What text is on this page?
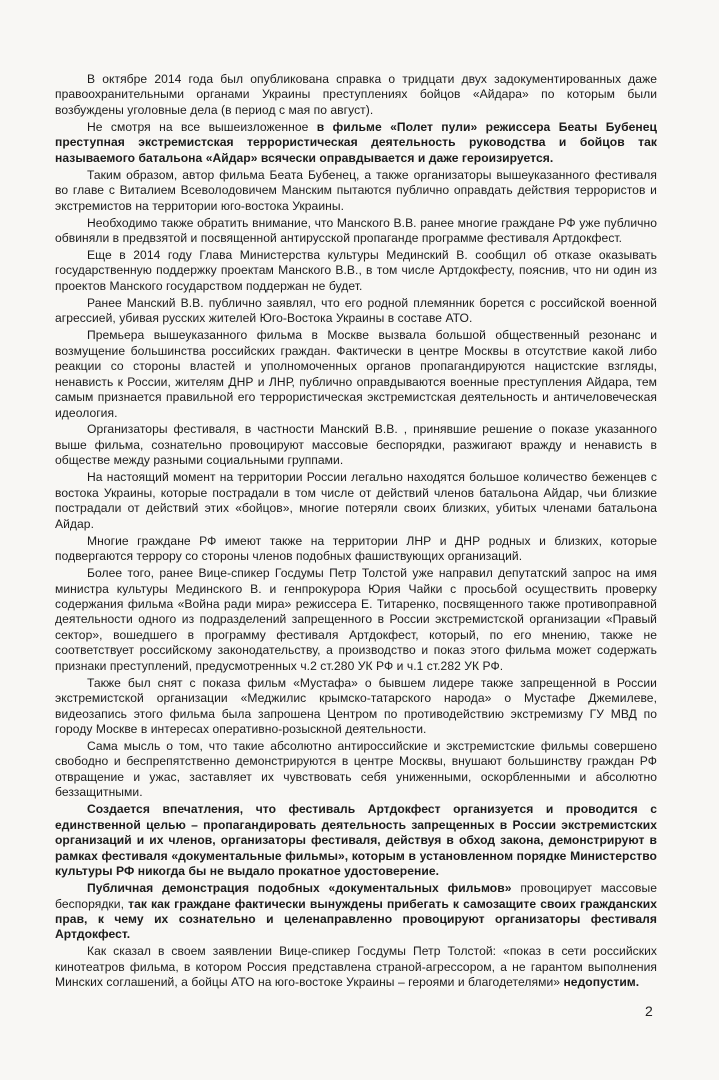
В октябре 2014 года был опубликована справка о тридцати двух задокументированных даже правоохранительными органами Украины преступлениях бойцов «Айдара» по которым были возбуждены уголовные дела (в период с мая по август).

Не смотря на все вышеизложенное в фильме «Полет пули» режиссера Беаты Бубенец преступная экстремистская террористическая деятельность руководства и бойцов так называемого батальона «Айдар» всячески оправдывается и даже героизируется.

Таким образом, автор фильма Беата Бубенец, а также организаторы вышеуказанного фестиваля во главе с Виталием Всеволодовичем Манским пытаются публично оправдать действия террористов и экстремистов на территории юго-востока Украины.

Необходимо также обратить внимание, что Манского В.В. ранее многие граждане РФ уже публично обвиняли в предвзятой и посвященной антирусской пропаганде программе фестиваля Артдокфест.

Еще в 2014 году Глава Министерства культуры Мединский В. сообщил об отказе оказывать государственную поддержку проектам Манского В.В., в том числе Артдокфесту, пояснив, что ни один из проектов Манского государством поддержан не будет.

Ранее Манский В.В. публично заявлял, что его родной племянник борется с российской военной агрессией, убивая русских жителей Юго-Востока Украины в составе АТО.

Премьера вышеуказанного фильма в Москве вызвала большой общественный резонанс и возмущение большинства российских граждан. Фактически в центре Москвы в отсутствие какой либо реакции со стороны властей и уполномоченных органов пропагандируются нацистские взгляды, ненависть к России, жителям ДНР и ЛНР, публично оправдываются военные преступления Айдара, тем самым признается правильной его террористическая экстремистская деятельность и античеловеческая идеология.

Организаторы фестиваля, в частности Манский В.В. , принявшие решение о показе указанного выше фильма, сознательно провоцируют массовые беспорядки, разжигают вражду и ненависть в обществе между разными социальными группами.

На настоящий момент на территории России легально находятся большое количество беженцев с востока Украины, которые пострадали в том числе от действий членов батальона Айдар, чьи близкие пострадали от действий этих «бойцов», многие потеряли своих близких, убитых членами батальона Айдар.

Многие граждане РФ имеют также на территории ЛНР и ДНР родных и близких, которые подвергаются террору со стороны членов подобных фашиствующих организаций.

Более того, ранее Вице-спикер Госдумы Петр Толстой уже направил депутатский запрос на имя министра культуры Мединского В. и генпрокурора Юрия Чайки с просьбой осуществить проверку содержания фильма «Война ради мира» режиссера Е. Титаренко, посвященного также противоправной деятельности одного из подразделений запрещенного в России экстремистской организации «Правый сектор», вошедшего в программу фестиваля Артдокфест, который, по его мнению, также не соответствует российскому законодательству, а производство и показ этого фильма может содержать признаки преступлений, предусмотренных ч.2 ст.280 УК РФ и ч.1 ст.282 УК РФ.

Также был снят с показа фильм «Мустафа» о бывшем лидере также запрещенной в России экстремистской организации «Меджилис крымско-татарского народа» о Мустафе Джемилеве, видеозапись этого фильма была запрошена Центром по противодействию экстремизму ГУ МВД по городу Москве в интересах оперативно-розыскной деятельности.

Сама мысль о том, что такие абсолютно антироссийские и экстремистские фильмы совершено свободно и беспрепятственно демонстрируются в центре Москвы, внушают большинству граждан РФ отвращение и ужас, заставляет их чувствовать себя униженными, оскорбленными и абсолютно беззащитными.

Создается впечатления, что фестиваль Артдокфест организуется и проводится с единственной целью – пропагандировать деятельность запрещенных в России экстремистских организаций и их членов, организаторы фестиваля, действуя в обход закона, демонстрируют в рамках фестиваля «документальные фильмы», которым в установленном порядке Министерство культуры РФ никогда бы не выдало прокатное удостоверение.

Публичная демонстрация подобных «документальных фильмов» провоцирует массовые беспорядки, так как граждане фактически вынуждены прибегать к самозащите своих гражданских прав, к чему их сознательно и целенаправленно провоцируют организаторы фестиваля Артдокфест.

Как сказал в своем заявлении Вице-спикер Госдумы Петр Толстой: «показ в сети российских кинотеатров фильма, в котором Россия представлена страной-агрессором, а не гарантом выполнения Минских соглашений, а бойцы АТО на юго-востоке Украины – героями и благодетелями» недопустим.

2
